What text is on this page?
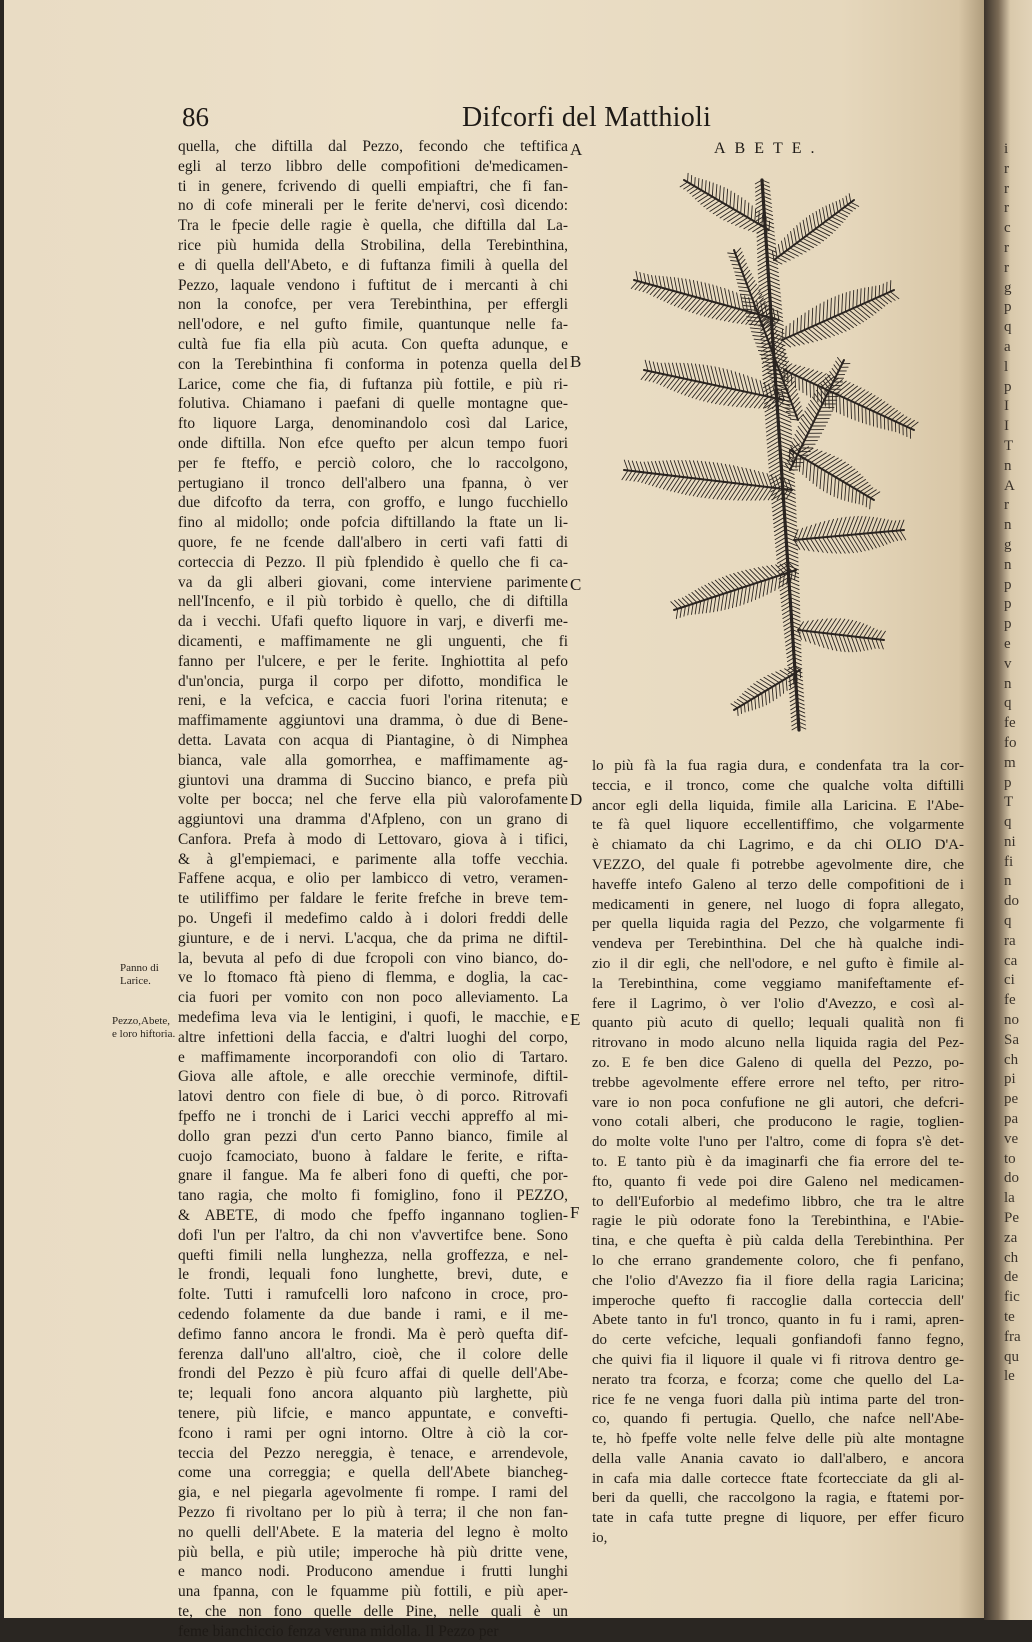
86	Difcorfi del Matthioli
quella, che diftilla dal Pezzo, fecondo che teftifica
egli al terzo libbro delle compofitioni de'medicamen-
ti in genere, fcrivendo di quelli empiaftri, che fi fan-
no di cofe minerali per le ferite de'nervi, così dicendo:
Tra le fpecie delle ragie è quella, che diftilla dal La-
rice più humida della Strobilina, della Terebinthina,
e di quella dell'Abeto, e di fuftanza fimili à quella del
Pezzo, laquale vendono i fuftitut de i mercanti à chi
non la conofce, per vera Terebinthina, per effergli
nell'odore, e nel gufto fimile, quantunque nelle fa-
cultà fue fia ella più acuta. Con quefta adunque, e
con la Terebinthina fi conforma in potenza quella del
Larice, come che fia, di fuftanza più fottile, e più ri-
folutiva. Chiamano i paefani di quelle montagne que-
fto liquore Larga, denominandolo così dal Larice,
onde diftilla. Non efce quefto per alcun tempo fuori
per fe fteffo, e perciò coloro, che lo raccolgono,
pertugiano il tronco dell'albero una fpanna, ò ver
due difcofto da terra, con groffo, e lungo fucchiello
fino al midollo; onde pofcia diftillando la ftate un li-
quore, fe ne fcende dall'albero in certi vafi fatti di
corteccia di Pezzo. Il più fplendido è quello che fi ca-
va da gli alberi giovani, come interviene parimente
nell'Incenfo, e il più torbido è quello, che di diftilla
da i vecchi. Ufafi quefto liquore in varj, e diverfi me-
dicamenti, e maffimamente ne gli unguenti, che fi
fanno per l'ulcere, e per le ferite. Inghiottita al pefo
d'un'oncia, purga il corpo per difotto, mondifica le
reni, e la vefcica, e caccia fuori l'orina ritenuta; e
maffimamente aggiuntovi una dramma, ò due di Bene-
detta. Lavata con acqua di Piantagine, ò di Nimphea
bianca, vale alla gomorrhea, e maffimamente ag-
giuntovi una dramma di Succino bianco, e prefa più
volte per bocca; nel che ferve ella più valorofamente
aggiuntovi una dramma d'Afpleno, con un grano di
Canfora. Prefa à modo di Lettovaro, giova à i tifici,
& à gl'empiemaci, e parimente alla toffe vecchia.
Faffene acqua, e olio per lambicco di vetro, veramen-
te utiliffimo per faldare le ferite frefche in breve tem-
po. Ungefi il medefimo caldo à i dolori freddi delle
giunture, e de i nervi. L'acqua, che da prima ne diftil-
la, bevuta al pefo di due fcropoli con vino bianco, do-
ve lo ftomaco ftà pieno di flemma, e doglia, la cac-
cia fuori per vomito con non poco alleviamento. La
medefima leva via le lentigini, i quofi, le macchie, e
altre infettioni della faccia, e d'altri luoghi del corpo,
e maffimamente incorporandofi con olio di Tartaro.
Giova alle aftole, e alle orecchie verminofe, diftil-
latovi dentro con fiele di bue, ò di porco. Ritrovafi
fpeffo ne i tronchi de i Larici vecchi appreffo al mi-
dollo gran pezzi d'un certo Panno bianco, fimile al
cuojo fcamociato, buono à faldare le ferite, e rifta-
gnare il fangue. Ma fe alberi fono di quefti, che por-
tano ragia, che molto fi fomiglino, fono il PEZZO,
& ABETE, di modo che fpeffo ingannano toglien-
dofi l'un per l'altro, da chi non v'avvertifce bene. Sono
quefti fimili nella lunghezza, nella groffezza, e nel-
le frondi, lequali fono lunghette, brevi, dute, e
folte. Tutti i ramufcelli loro nafcono in croce, pro-
cedendo folamente da due bande i rami, e il me-
defimo fanno ancora le frondi. Ma è però quefta dif-
ferenza dall'uno all'altro, cioè, che il colore delle
frondi del Pezzo è più fcuro affai di quelle dell'Abe-
te; lequali fono ancora alquanto più larghette, più
tenere, più lifcie, e manco appuntate, e convefti-
fcono i rami per ogni intorno. Oltre à ciò la cor-
teccia del Pezzo nereggia, è tenace, e arrendevole,
come una correggia; e quella dell'Abete biancheg-
gia, e nel piegarla agevolmente fi rompe. I rami del
Pezzo fi rivoltano per lo più à terra; il che non fan-
no quelli dell'Abete. E la materia del legno è molto
più bella, e più utile; imperoche hà più dritte vene,
e manco nodi. Producono amendue i frutti lunghi
una fpanna, con le fquamme più fottili, e più aper-
te, che non fono quelle delle Pine, nelle quali è un
feme bianchiccio fenza veruna midolla. Il Pezzo per
A
B
C
D
E
F
Panno di Larice.
Pezzo,Abete, e loro hiftoria.
ABETE.
lo più fà la fua ragia dura, e condenfata tra la cor-
teccia, e il tronco, come che qualche volta diftilli
ancor egli della liquida, fimile alla Laricina. E l'Abe-
te fà quel liquore eccellentiffimo, che volgarmente
è chiamato da chi Lagrimo, e da chi OLIO D'A-
VEZZO, del quale fi potrebbe agevolmente dire, che
haveffe intefo Galeno al terzo delle compofitioni de i
medicamenti in genere, nel luogo di fopra allegato,
per quella liquida ragia del Pezzo, che volgarmente fi
vendeva per Terebinthina. Del che hà qualche indi-
zio il dir egli, che nell'odore, e nel gufto è fimile al-
la Terebinthina, come veggiamo manifeftamente ef-
fere il Lagrimo, ò ver l'olio d'Avezzo, e così al-
quanto più acuto di quello; lequali qualità non fi
ritrovano in modo alcuno nella liquida ragia del Pez-
zo. E fe ben dice Galeno di quella del Pezzo, po-
trebbe agevolmente effere errore nel tefto, per ritro-
vare io non poca confufione ne gli autori, che defcri-
vono cotali alberi, che producono le ragie, toglien-
do molte volte l'uno per l'altro, come di fopra s'è det-
to. E tanto più è da imaginarfi che fia errore del te-
fto, quanto fi vede poi dire Galeno nel medicamen-
to dell'Euforbio al medefimo libbro, che tra le altre
ragie le più odorate fono la Terebinthina, e l'Abie-
tina, e che quefta è più calda della Terebinthina. Per
lo che errano grandemente coloro, che fi penfano,
che l'olio d'Avezzo fia il fiore della ragia Laricina;
imperoche quefto fi raccoglie dalla corteccia dell'
Abete tanto in fu'l tronco, quanto in fu i rami, apren-
do certe vefciche, lequali gonfiandofi fanno fegno,
che quivi fia il liquore il quale vi fi ritrova dentro ge-
nerato tra fcorza, e fcorza; come che quello del La-
rice fe ne venga fuori dalla più intima parte del tron-
co, quando fi pertugia. Quello, che nafce nell'Abe-
te, hò fpeffe volte nelle felve delle più alte montagne
della valle Anania cavato io dall'albero, e ancora
in cafa mia dalle cortecce ftate fcortecciate da gli al-
beri da quelli, che raccolgono la ragia, e ftatemi por-
tate in cafa tutte pregne di liquore, per effer ficuro
io,
i
r
r
r
c
r
r
g
p
q
a
l
p
I
I
T
n
A
r
n
g
n
p
p
p
e
v
n
q
fe
fo
m
p
T
q
ni
fi
n
do
q
ra
ca
ci
fe
no
Sa
ch
pi
pe
pa
ve
to
do
la
Pe
za
ch
de
fic
te
fra
qu
le
